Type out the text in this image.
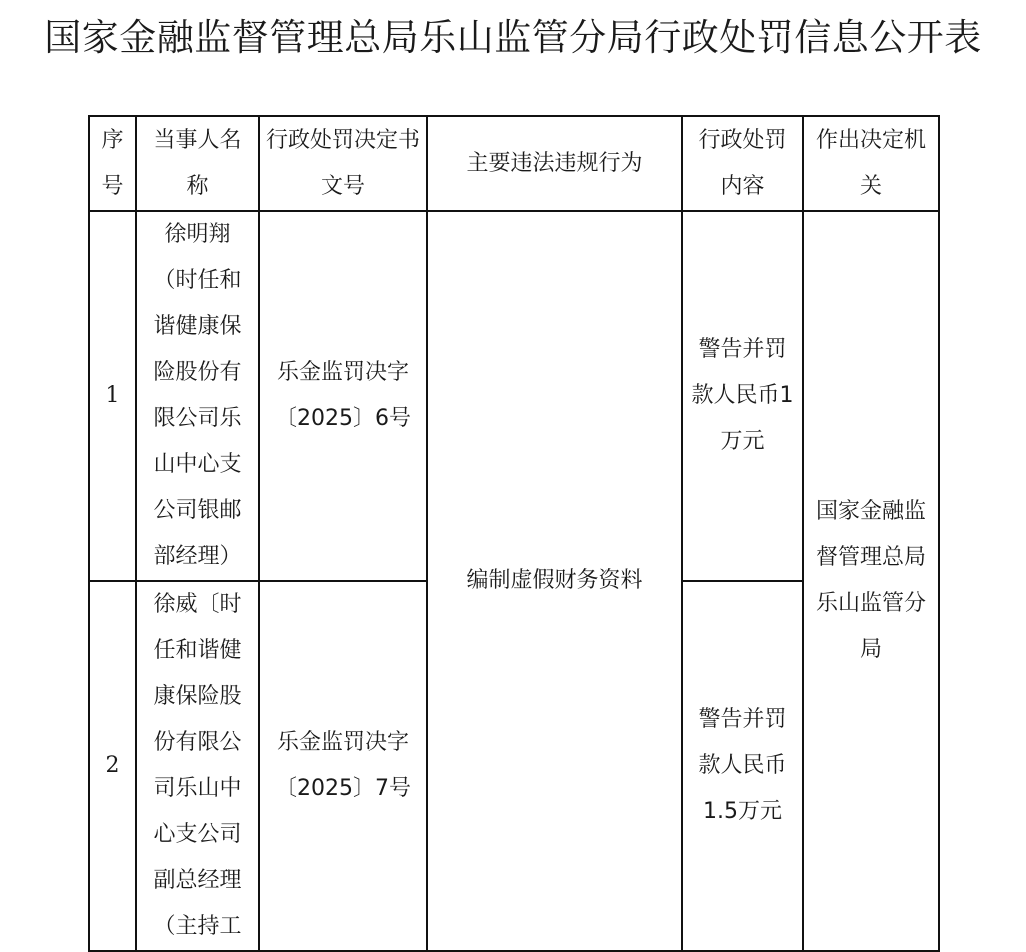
国家金融监督管理总局乐山监管分局行政处罚信息公开表
序号	当事人名称	行政处罚决定书文号	主要违法违规行为	行政处罚内容	作出决定机关
1	徐明翔（时任和谐健康保险股份有限公司乐山中心支公司银邮部经理）	乐金监罚决字〔2025〕6号	编制虚假财务资料	警告并罚款人民币1万元	国家金融监督管理总局乐山监管分局
2	徐威〔时任和谐健康保险股份有限公司乐山中心支公司副总经理（主持工	乐金监罚决字〔2025〕7号		警告并罚款人民币1.5万元	
